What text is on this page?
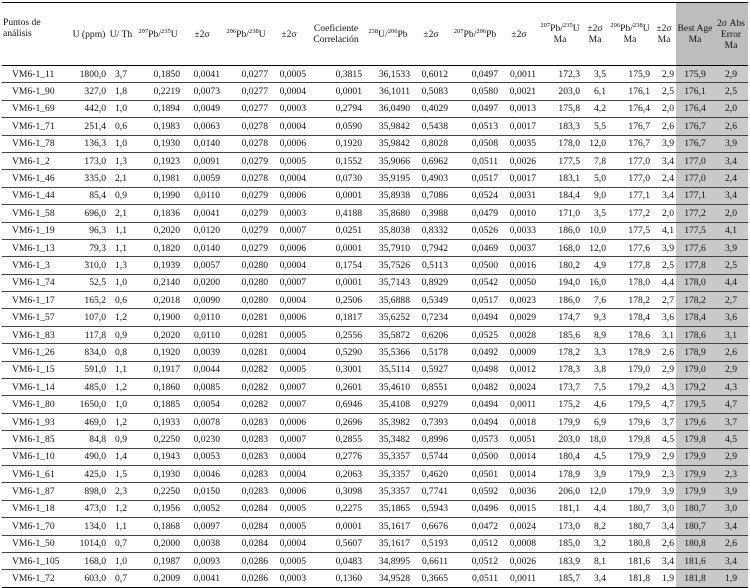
Puntos de análisis	U (ppm)	U/ Th	$^{207}$Pb/$^{235}$U	±2σ	$^{206}$Pb/$^{238}$U	±2σ	Coeficiente Correlación	$^{238}$U/$^{206}$Pb	±2σ	$^{207}$Pb/$^{206}$Pb	±2σ	$^{207}$Pb/$^{235}$U Ma	±2σ Ma	$^{206}$Pb/$^{238}$U Ma	±2σ Ma	Best Age Ma	2σ Abs Error Ma
VM6-1_11	1800,0	3,7	0,1850	0,0041	0,0277	0,0005	0,3815	36,1533	0,6012	0,0497	0,0011	172,3	3,5	175,9	2,9	175,9	2,9
VM6-1_90	327,0	1,8	0,2219	0,0073	0,0277	0,0004	0,0001	36,1011	0,5083	0,0580	0,0021	203,0	6,1	176,1	2,5	176,1	2,5
VM6-1_69	442,0	1,0	0,1894	0,0049	0,0277	0,0003	0,2794	36,0490	0,4029	0,0497	0,0013	175,8	4,2	176,4	2,0	176,4	2,0
VM6-1_71	251,4	0,6	0,1983	0,0063	0,0278	0,0004	0,0590	35,9842	0,5438	0,0513	0,0017	183,3	5,5	176,7	2,6	176,7	2,6
VM6-1_78	136,3	1,0	0,1930	0,0140	0,0278	0,0006	0,1920	35,9842	0,8028	0,0508	0,0035	178,0	12,0	176,7	3,9	176,7	3,9
VM6-1_2	173,0	1,3	0,1923	0,0091	0,0279	0,0005	0,1552	35,9066	0,6962	0,0511	0,0026	177,5	7,8	177,0	3,4	177,0	3,4
VM6-1_46	335,0	2,1	0,1981	0,0059	0,0278	0,0004	0,0730	35,9195	0,4903	0,0517	0,0017	183,1	5,0	177,0	2,4	177,0	2,4
VM6-1_44	85,4	0,9	0,1990	0,0110	0,0279	0,0006	0,0001	35,8938	0,7086	0,0524	0,0031	184,4	9,0	177,1	3,4	177,1	3,4
VM6-1_58	696,0	2,1	0,1836	0,0041	0,0279	0,0003	0,4188	35,8680	0,3988	0,0479	0,0010	171,0	3,5	177,2	2,0	177,2	2,0
VM6-1_19	96,3	1,1	0,2020	0,0120	0,0279	0,0007	0,0251	35,8038	0,8332	0,0526	0,0033	186,0	10,0	177,5	4,1	177,5	4,1
VM6-1_13	79,3	1,1	0,1820	0,0140	0,0279	0,0006	0,0001	35,7910	0,7942	0,0469	0,0037	168,0	12,0	177,6	3,9	177,6	3,9
VM6-1_3	310,0	1,3	0,1939	0,0057	0,0280	0,0004	0,1754	35,7526	0,5113	0,0500	0,0016	180,2	4,9	177,8	2,5	177,8	2,5
VM6-1_74	52,5	1,0	0,2140	0,0200	0,0280	0,0007	0,0001	35,7143	0,8929	0,0542	0,0050	194,0	16,0	178,0	4,4	178,0	4,4
VM6-1_17	165,2	0,6	0,2018	0,0090	0,0280	0,0004	0,2506	35,6888	0,5349	0,0517	0,0023	186,0	7,6	178,2	2,7	178,2	2,7
VM6-1_57	107,0	1,2	0,1900	0,0110	0,0281	0,0006	0,1817	35,6252	0,7234	0,0494	0,0029	174,7	9,3	178,4	3,6	178,4	3,6
VM6-1_83	117,8	0,9	0,2020	0,0110	0,0281	0,0005	0,2556	35,5872	0,6206	0,0525	0,0028	185,6	8,9	178,6	3,1	178,6	3,1
VM6-1_26	834,0	0,8	0,1920	0,0039	0,0281	0,0004	0,5290	35,5366	0,5178	0,0492	0,0009	178,2	3,3	178,9	2,6	178,9	2,6
VM6-1_15	591,0	1,1	0,1917	0,0044	0,0282	0,0005	0,3001	35,5114	0,5927	0,0498	0,0012	178,3	3,8	179,0	2,9	179,0	2,9
VM6-1_14	485,0	1,2	0,1860	0,0085	0,0282	0,0007	0,2601	35,4610	0,8551	0,0482	0,0024	173,7	7,5	179,2	4,3	179,2	4,3
VM6-1_80	1650,0	1,0	0,1885	0,0054	0,0282	0,0007	0,6946	35,4108	0,9279	0,0494	0,0011	175,2	4,6	179,5	4,7	179,5	4,7
VM6-1_93	469,0	1,2	0,1933	0,0078	0,0283	0,0006	0,2696	35,3982	0,7393	0,0494	0,0018	179,9	6,9	179,6	3,7	179,6	3,7
VM6-1_85	84,8	0,9	0,2250	0,0230	0,0283	0,0007	0,2855	35,3482	0,8996	0,0573	0,0051	203,0	18,0	179,8	4,5	179,8	4,5
VM6-1_10	490,0	1,4	0,1943	0,0053	0,0283	0,0004	0,2776	35,3357	0,5744	0,0500	0,0014	180,4	4,5	179,9	2,9	179,9	2,9
VM6-1_61	425,0	1,5	0,1930	0,0046	0,0283	0,0004	0,2063	35,3357	0,4620	0,0501	0,0014	178,9	3,9	179,9	2,3	179,9	2,3
VM6-1_87	898,0	2,3	0,2250	0,0150	0,0283	0,0006	0,3098	35,3357	0,7741	0,0592	0,0036	206,0	12,0	179,9	3,9	179,9	3,9
VM6-1_18	473,0	1,2	0,1956	0,0052	0,0284	0,0005	0,2275	35,1865	0,5943	0,0496	0,0015	181,1	4,4	180,7	3,0	180,7	3,0
VM6-1_70	134,0	1,1	0,1868	0,0097	0,0284	0,0005	0,0001	35,1617	0,6676	0,0472	0,0024	173,0	8,2	180,7	3,4	180,7	3,4
VM6-1_50	1014,0	0,7	0,2000	0,0038	0,0284	0,0004	0,5607	35,1617	0,5193	0,0512	0,0008	185,0	3,2	180,8	2,6	180,8	2,6
VM6-1_105	168,0	1,0	0,1987	0,0093	0,0286	0,0005	0,0483	34,8995	0,6611	0,0512	0,0026	183,9	8,1	181,6	3,4	181,6	3,4
VM6-1_72	603,0	0,7	0,2009	0,0041	0,0286	0,0003	0,1360	34,9528	0,3665	0,0511	0,0011	185,7	3,4	181,8	1,9	181,8	1,9
